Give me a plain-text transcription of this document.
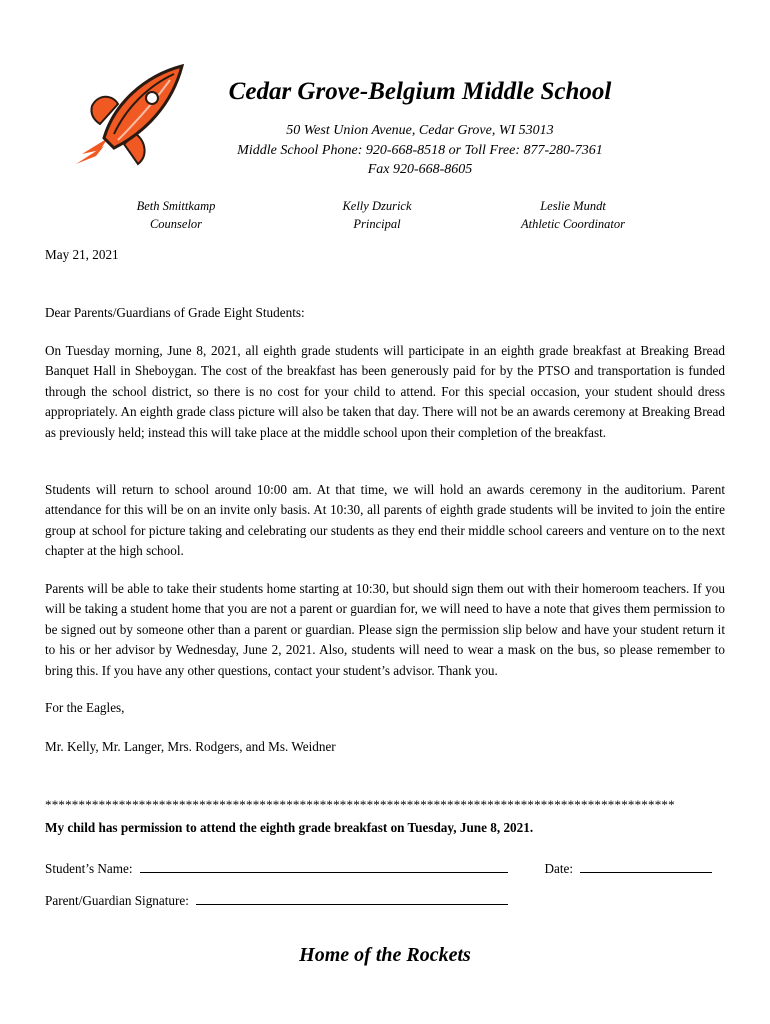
Cedar Grove-Belgium Middle School
50 West Union Avenue, Cedar Grove, WI 53013
Middle School Phone: 920-668-8518 or Toll Free: 877-280-7361
Fax 920-668-8605
Beth Smittkamp
Counselor
Kelly Dzurick
Principal
Leslie Mundt
Athletic Coordinator
May 21, 2021
Dear Parents/Guardians of Grade Eight Students:
On Tuesday morning, June 8, 2021, all eighth grade students will participate in an eighth grade breakfast at Breaking Bread Banquet Hall in Sheboygan. The cost of the breakfast has been generously paid for by the PTSO and transportation is funded through the school district, so there is no cost for your child to attend. For this special occasion, your student should dress appropriately. An eighth grade class picture will also be taken that day. There will not be an awards ceremony at Breaking Bread as previously held; instead this will take place at the middle school upon their completion of the breakfast.
Students will return to school around 10:00 am. At that time, we will hold an awards ceremony in the auditorium. Parent attendance for this will be on an invite only basis. At 10:30, all parents of eighth grade students will be invited to join the entire group at school for picture taking and celebrating our students as they end their middle school careers and venture on to the next chapter at the high school.
Parents will be able to take their students home starting at 10:30, but should sign them out with their homeroom teachers. If you will be taking a student home that you are not a parent or guardian for, we will need to have a note that gives them permission to be signed out by someone other than a parent or guardian. Please sign the permission slip below and have your student return it to his or her advisor by Wednesday, June 2, 2021. Also, students will need to wear a mask on the bus, so please remember to bring this. If you have any other questions, contact your student’s advisor. Thank you.
For the Eagles,
Mr. Kelly, Mr. Langer, Mrs. Rodgers, and Ms. Weidner
**********************************************************************************************
My child has permission to attend the eighth grade breakfast on Tuesday, June 8, 2021.
Student’s Name:	Date:
Parent/Guardian Signature:
Home of the Rockets
